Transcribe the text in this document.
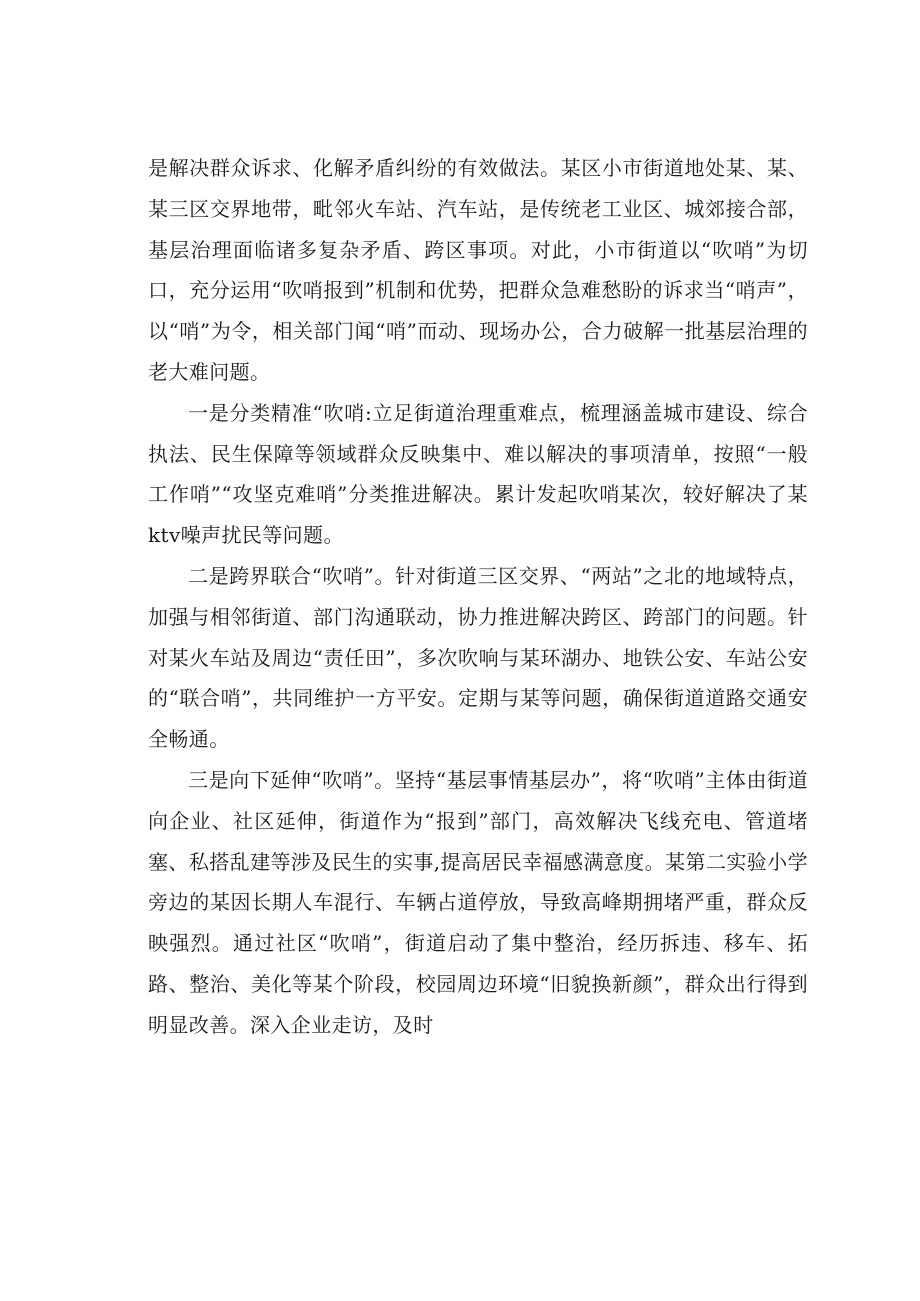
是解决群众诉求、化解矛盾纠纷的有效做法。某区小市街道地处某、某、某三区交界地带，毗邻火车站、汽车站，是传统老工业区、城郊接合部，基层治理面临诸多复杂矛盾、跨区事项。对此，小市街道以“吹哨”为切口，充分运用“吹哨报到”机制和优势，把群众急难愁盼的诉求当“哨声”，以“哨”为令，相关部门闻“哨”而动、现场办公，合力破解一批基层治理的老大难问题。

一是分类精准“吹哨:立足街道治理重难点，梳理涵盖城市建设、综合执法、民生保障等领域群众反映集中、难以解决的事项清单，按照“一般工作哨”“攻坚克难哨”分类推进解决。累计发起吹哨某次，较好解决了某ktv噪声扰民等问题。

二是跨界联合“吹哨”。针对街道三区交界、“两站”之北的地域特点，加强与相邻街道、部门沟通联动，协力推进解决跨区、跨部门的问题。针对某火车站及周边“责任田”，多次吹响与某环湖办、地铁公安、车站公安的“联合哨”，共同维护一方平安。定期与某等问题，确保街道道路交通安全畅通。

三是向下延伸“吹哨”。坚持“基层事情基层办”，将“吹哨”主体由街道向企业、社区延伸，街道作为“报到”部门，高效解决飞线充电、管道堵塞、私搭乱建等涉及民生的实事,提高居民幸福感满意度。某第二实验小学旁边的某因长期人车混行、车辆占道停放，导致高峰期拥堵严重，群众反映强烈。通过社区“吹哨”，街道启动了集中整治，经历拆违、移车、拓路、整治、美化等某个阶段，校园周边环境“旧貌换新颜”，群众出行得到明显改善。深入企业走访，及时
